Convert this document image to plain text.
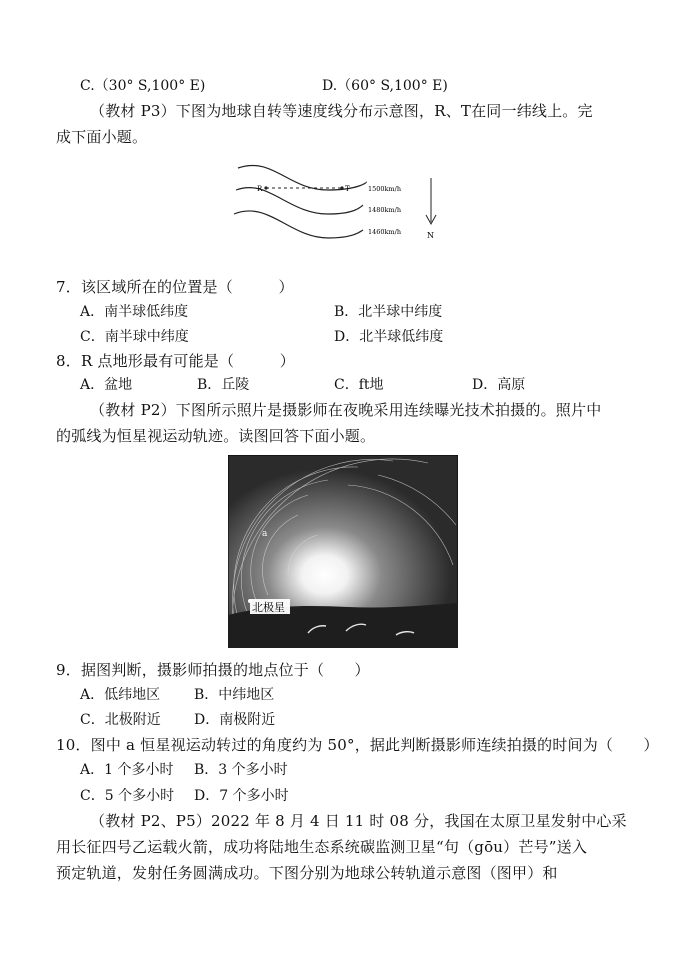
C.（30° S,100° E)	D.（60° S,100° E)
（教材 P3）下图为地球自转等速度线分布示意图，R、T在同一纬线上。完
成下面小题。
R	T	1500km/h
1480km/h
1460km/h	N
7．该区域所在的位置是（　　　）
A．南半球低纬度	B．北半球中纬度
C．南半球中纬度	D．北半球低纬度
8．R 点地形最有可能是（　　　）
A．盆地	B．丘陵	C．ft地	D．高原
（教材 P2）下图所示照片是摄影师在夜晚采用连续曝光技术拍摄的。照片中
的弧线为恒星视运动轨迹。读图回答下面小题。
北极星
a
9．据图判断，摄影师拍摄的地点位于（　　）
A．低纬地区 B．中纬地区
C．北极附近 D．南极附近
10．图中 a 恒星视运动转过的角度约为 50°，据此判断摄影师连续拍摄的时间为（　　）
A．1 个多小时 B．3 个多小时
C．5 个多小时 D．7 个多小时
（教材 P2、P5）2022 年 8 月 4 日 11 时 08 分，我国在太原卫星发射中心采
用长征四号乙运载火箭，成功将陆地生态系统碳监测卫星“句（gōu）芒号”送入
预定轨道，发射任务圆满成功。下图分别为地球公转轨道示意图（图甲）和
